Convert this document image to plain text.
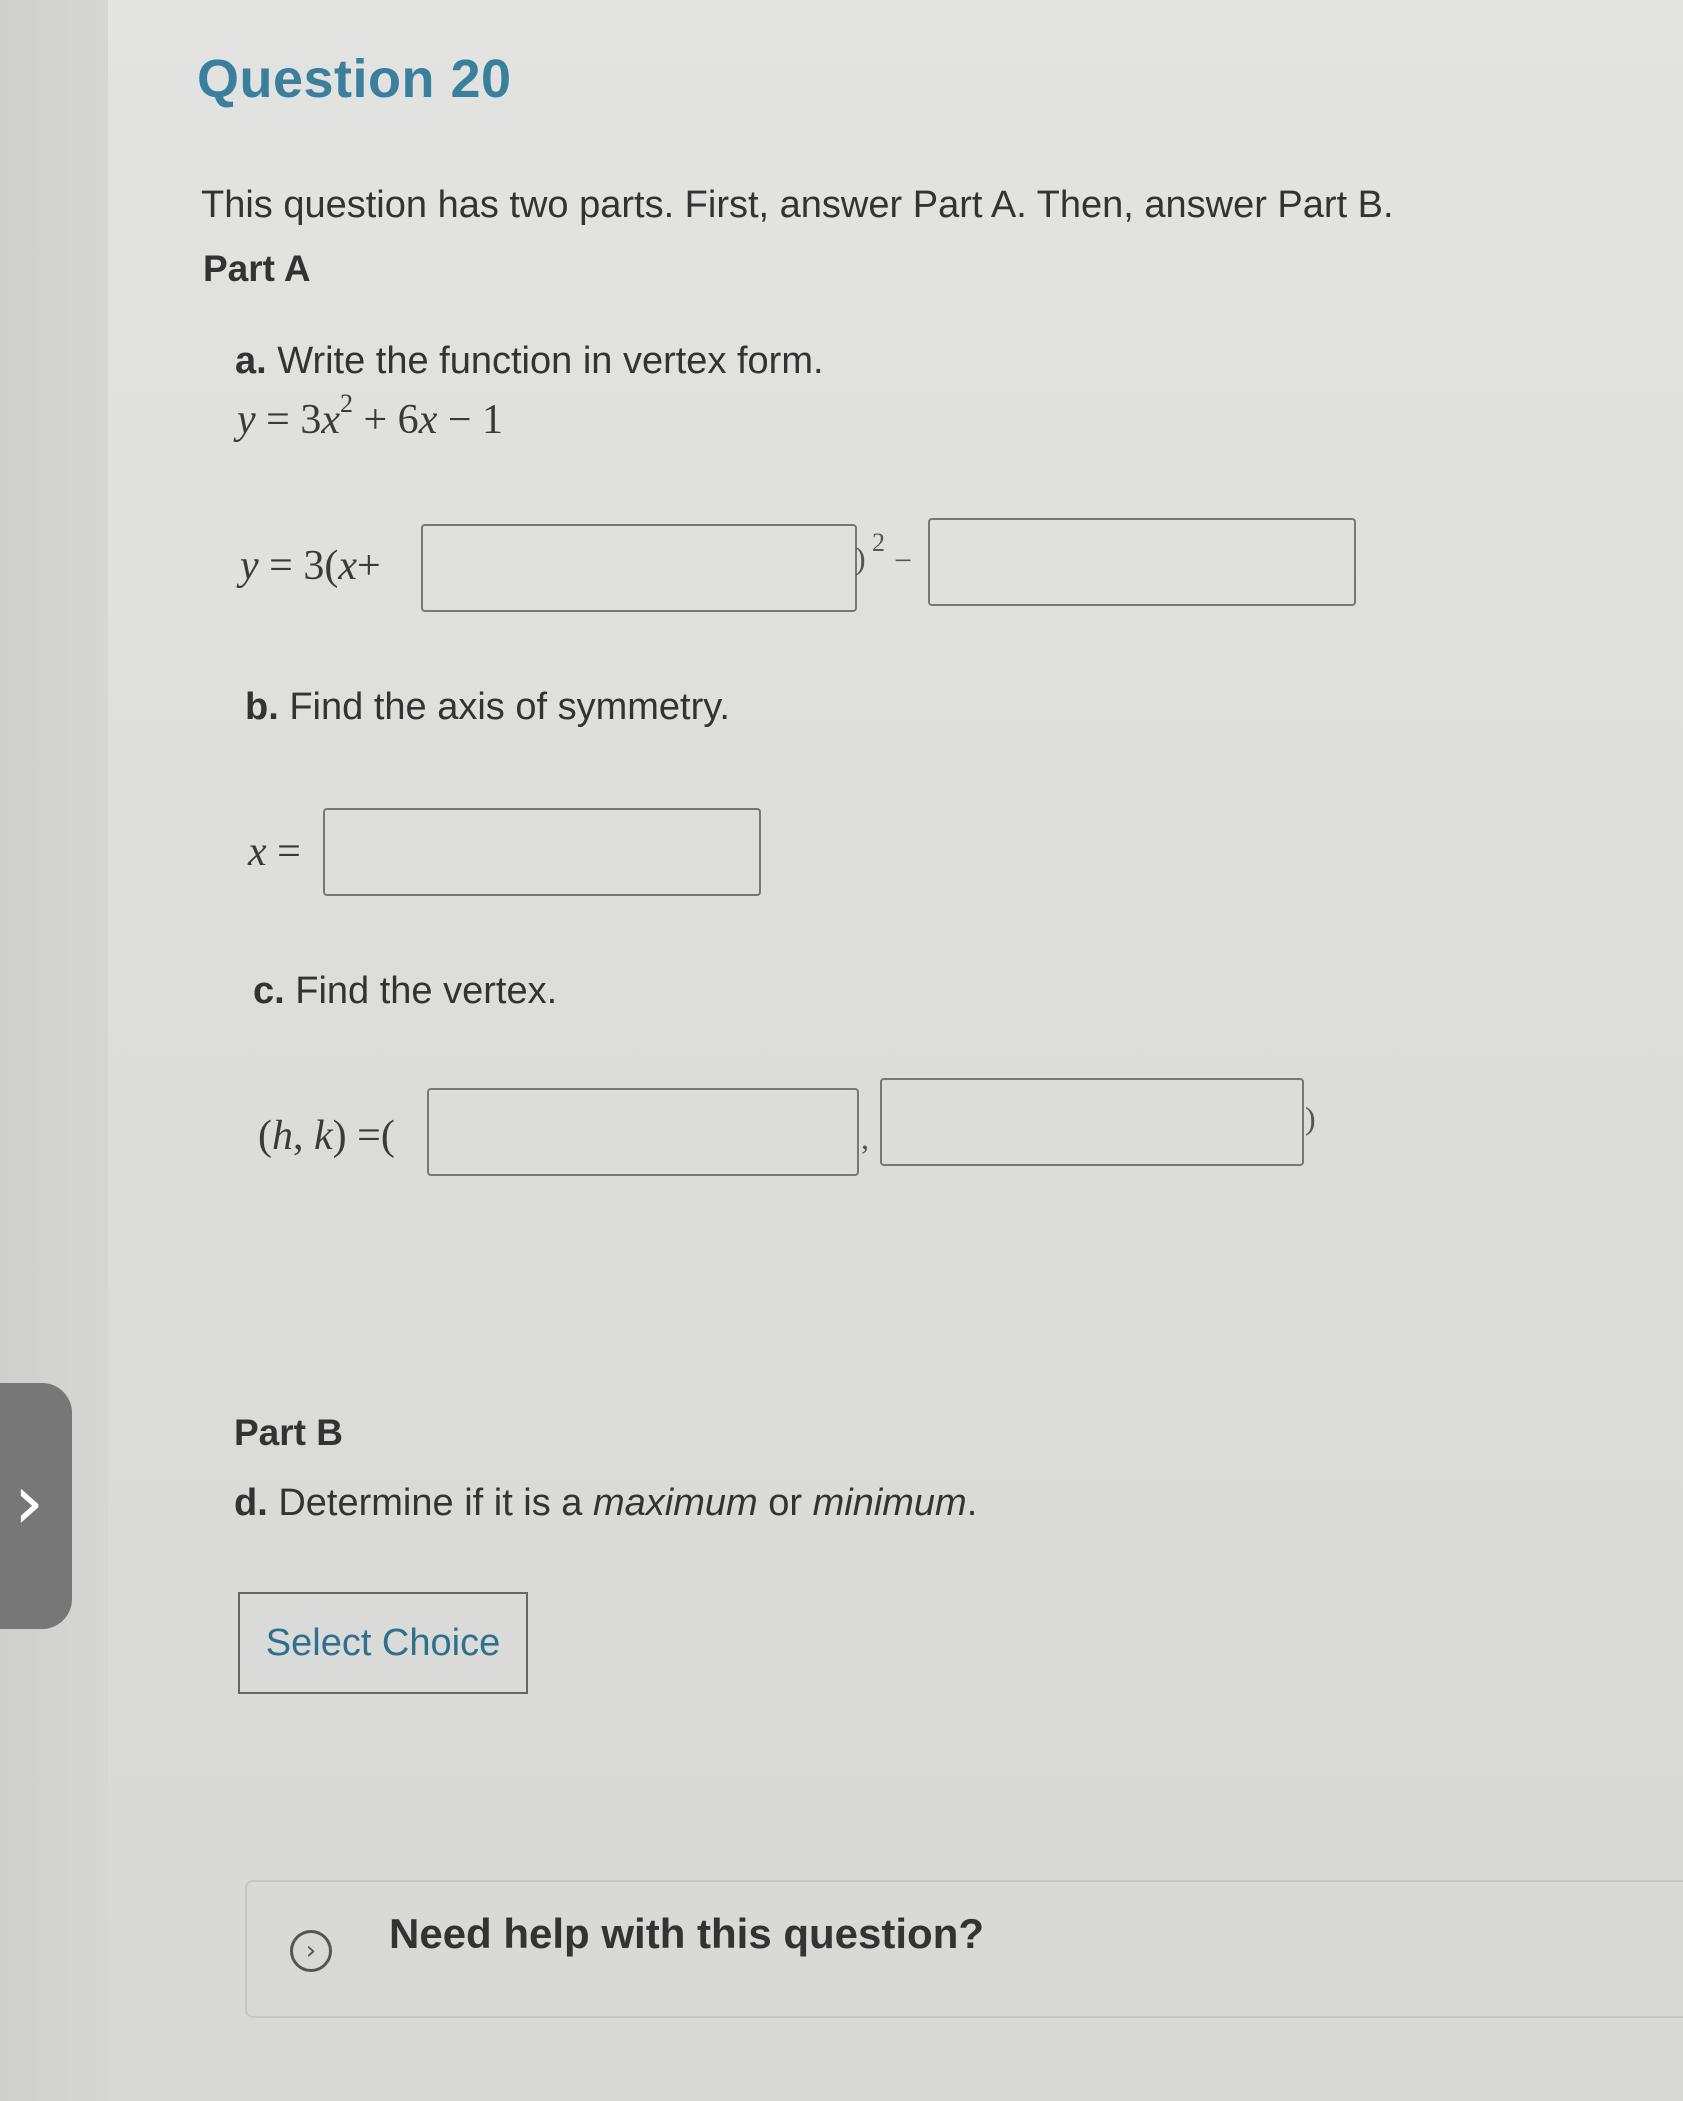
›
Question 20
This question has two parts. First, answer Part A. Then, answer Part B.
Part A
a. Write the function in vertex form.
$y = 3x^2 + 6x - 1$
y = 3(x+	) 2 −
b. Find the axis of symmetry.
x =
c. Find the vertex.
(h, k) =(	,
)
Part B
d. Determine if it is a maximum or minimum.
Select Choice
›	Need help with this question?
